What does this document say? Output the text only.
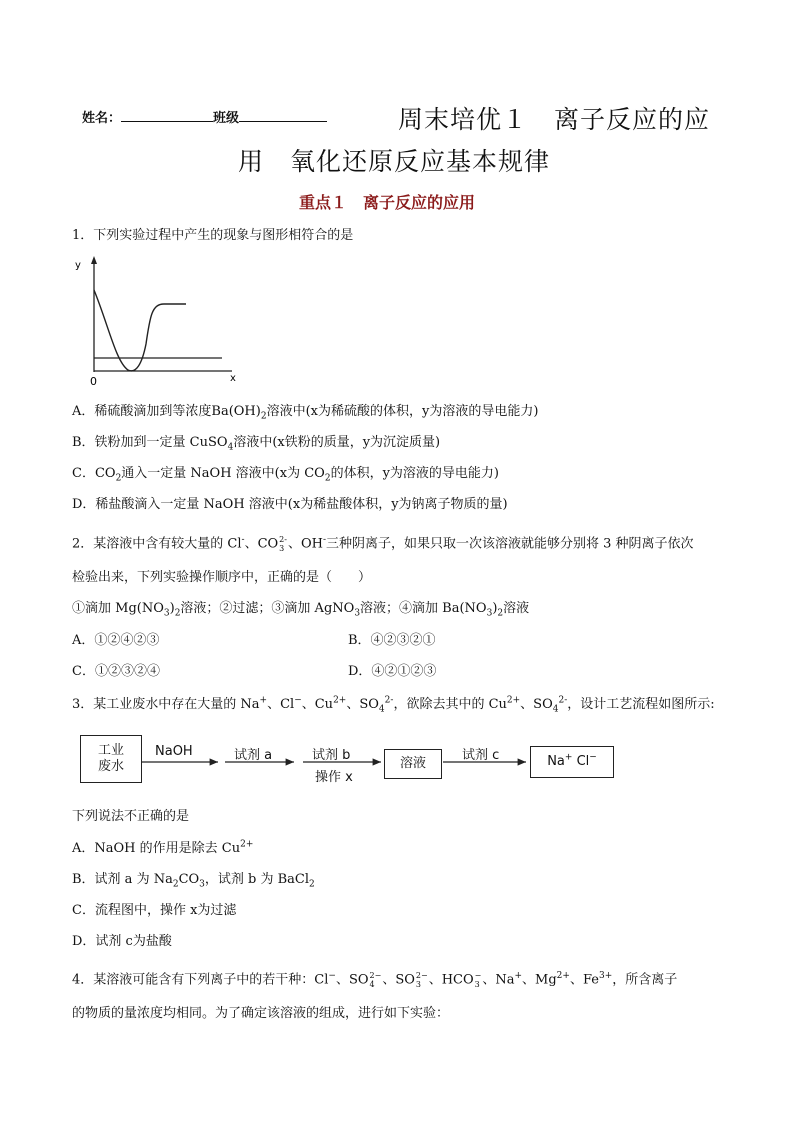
姓名：	班级	周末培优１　离子反应的应
用　氧化还原反应基本规律
重点１　离子反应的应用
1．下列实验过程中产生的现象与图形相符合的是
y
x
0
A．稀硫酸滴加到等浓度$Ba(OH)_2$溶液中(x为稀硫酸的体积，y为溶液的导电能力)
B．铁粉加到一定量 CuSO$_4$溶液中(x铁粉的质量，y为沉淀质量)
C．$CO_2$通入一定量 NaOH 溶液中(x为 $CO_2$的体积，y为溶液的导电能力)
D．稀盐酸滴入一定量 NaOH 溶液中(x为稀盐酸体积，y为钠离子物质的量)
2．某溶液中含有较大量的 Cl-、CO 2-
3 、OH-三种阴离子，如果只取一次该溶液就能够分别将 3 种阴离子依次
检验出来，下列实验操作顺序中，正确的是（　　）
①滴加 $Mg(NO_3)_2$溶液；②过滤；③滴加 AgNO$_3$溶液；④滴加 $Ba(NO_3)_2$溶液
A．①②④②③	B．④②③②①
C．①②③②④	D．④②①②③
3．某工业废水中存在大量的 Na+、Cl−、$Cu^{2+}$、$SO_4^{2-}$，欲除去其中的 $Cu^{2+}$、$SO_4^{2-}$，设计工艺流程如图所示:
工业
废水
NaOH	试剂 a	试剂 b
操作 x
溶液
试剂 c	Na+ Cl−
下列说法不正确的是
A．NaOH 的作用是除去 $Cu^{2+}$
B．试剂 a 为 $Na_2CO_3$，试剂 b 为 BaCl$_2$
C．流程图中，操作 x为过滤
D．试剂 c为盐酸
4．某溶液可能含有下列离子中的若干种：Cl−、SO 2−
4 、SO 2−
3 、HCO −
3 、Na+、$Mg^{2+}$、$Fe^{3+}$，所含离子
的物质的量浓度均相同。为了确定该溶液的组成，进行如下实验：
